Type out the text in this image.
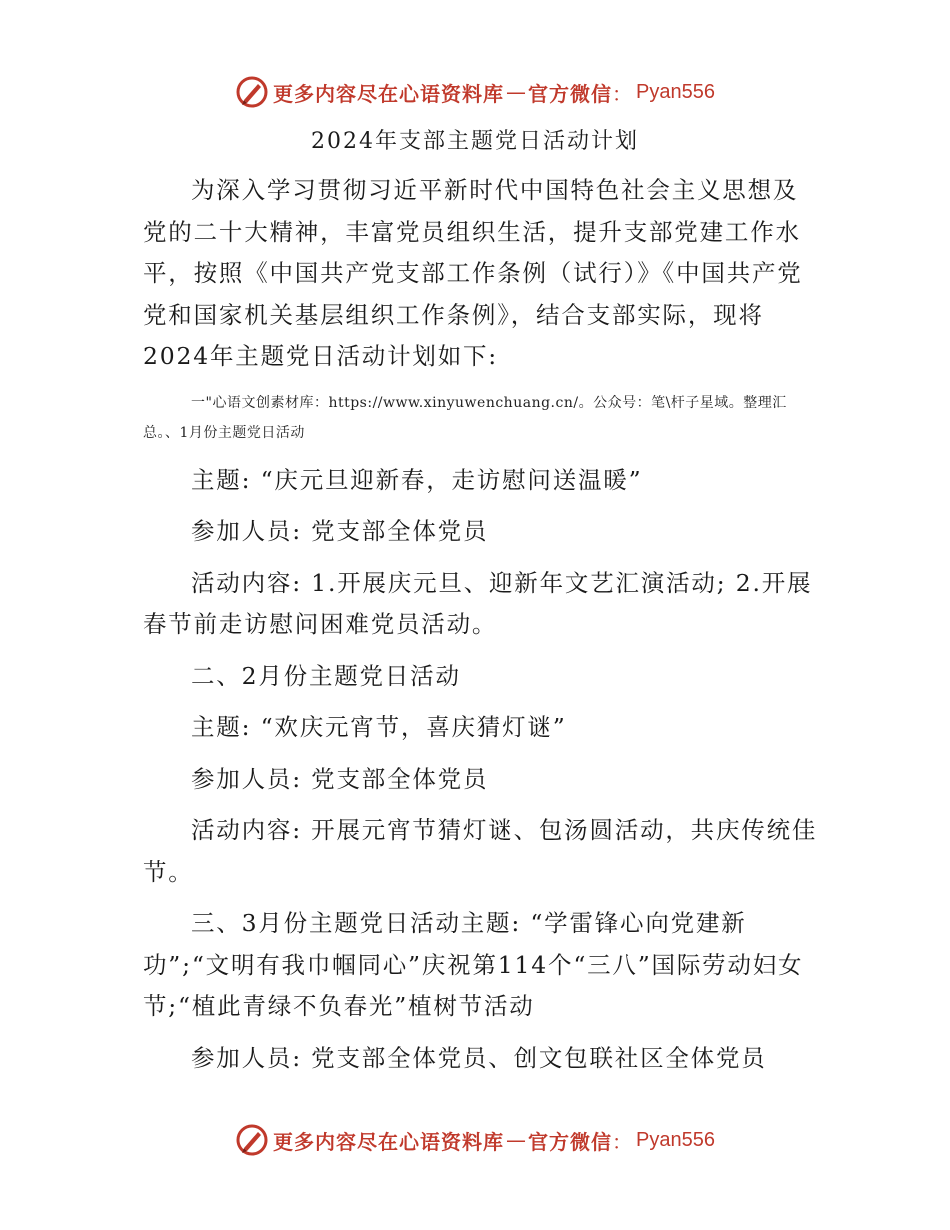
更多内容尽在心语资料库 — 官方微信 ： Pyan556
2024年支部主题党日活动计划

为深入学习贯彻习近平新时代中国特色社会主义思想及党的二十大精神，丰富党员组织生活，提升支部党建工作水平，按照《中国共产党支部工作条例（试行）》《中国共产党党和国家机关基层组织工作条例》，结合支部实际，现将2024年主题党日活动计划如下:

一"心语文创素材库：https://www.xinyuwenchuang.cn/。公众号：笔\杆子星域。整理汇总。、1月份主题党日活动

主题: “庆元旦迎新春，走访慰问送温暖”

参加人员: 党支部全体党员

活动内容: 1.开展庆元旦、迎新年文艺汇演活动; 2.开展春节前走访慰问困难党员活动。

二、2月份主题党日活动

主题: “欢庆元宵节，喜庆猜灯谜”

参加人员: 党支部全体党员

活动内容: 开展元宵节猜灯谜、包汤圆活动，共庆传统佳节。

三、3月份主题党日活动主题: “学雷锋心向党建新功”;“文明有我巾帼同心”庆祝第114个“三八”国际劳动妇女节;“植此青绿不负春光”植树节活动

参加人员: 党支部全体党员、创文包联社区全体党员

更多内容尽在心语资料库 — 官方微信 ： Pyan556
